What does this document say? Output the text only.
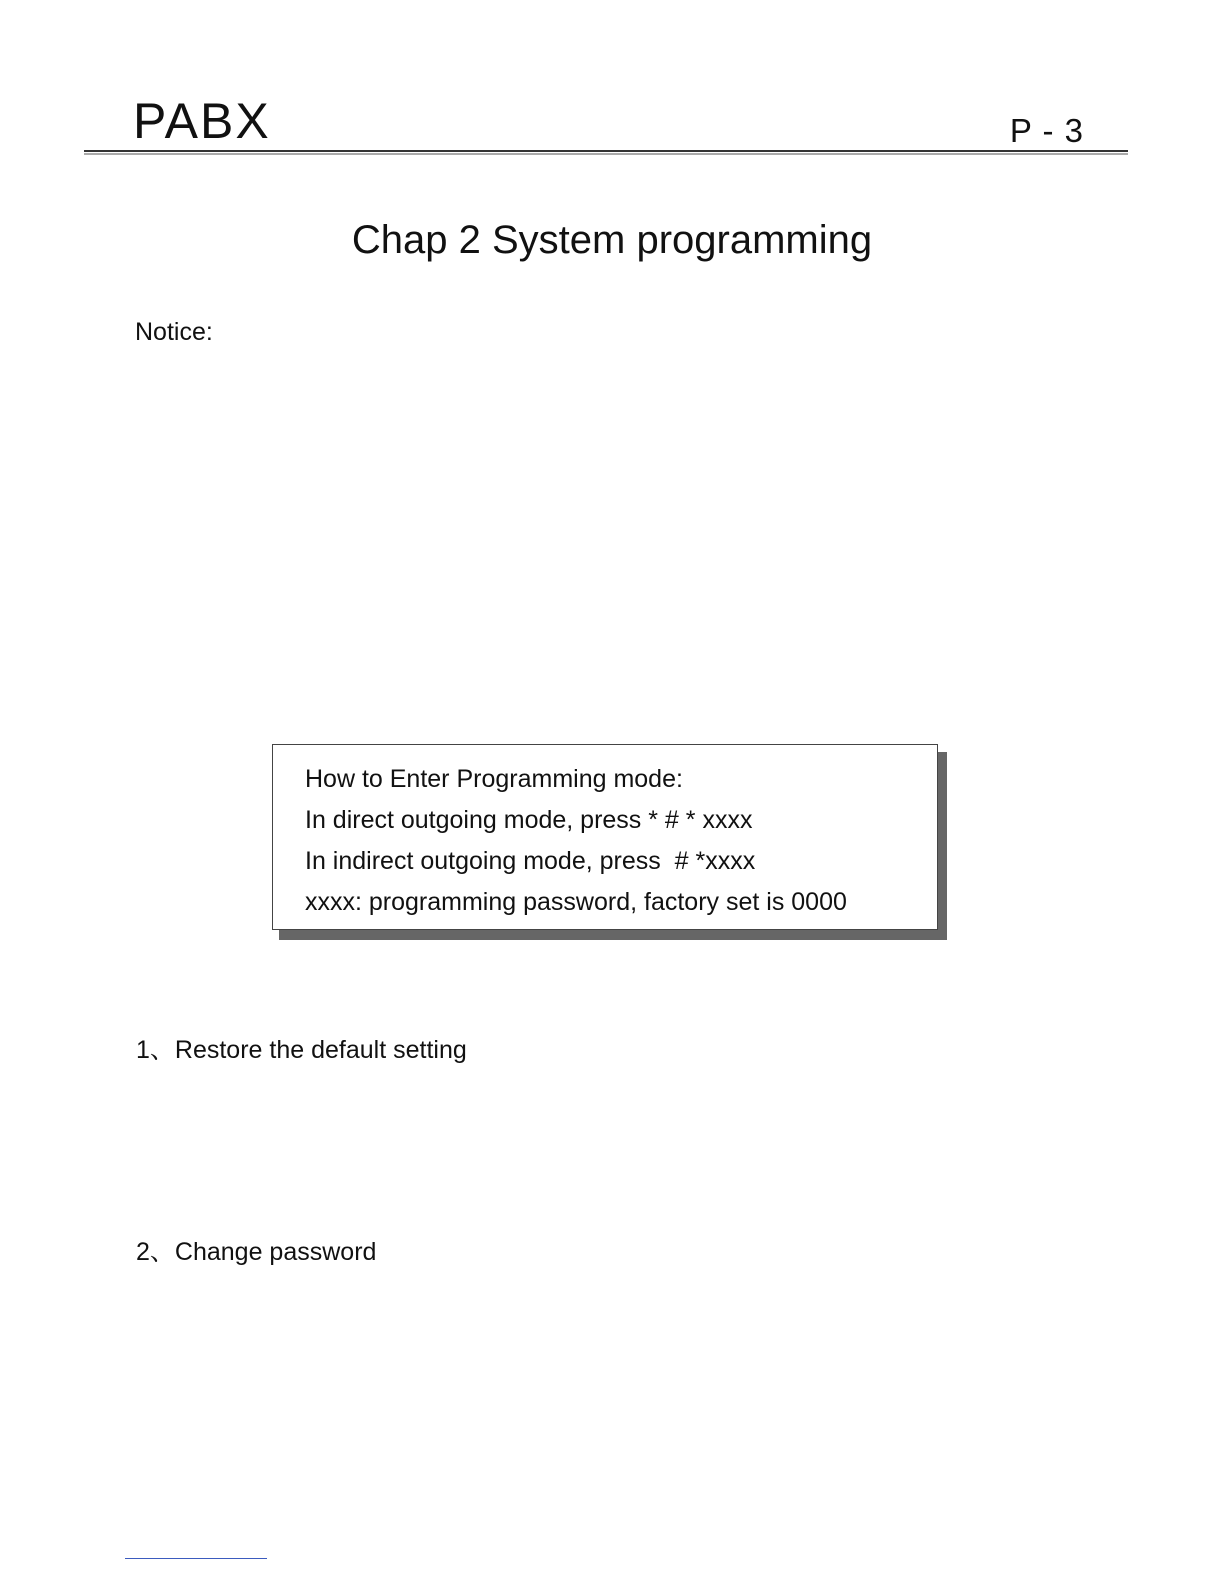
PABX	P - 3
Chap 2 System programming
Notice:
How to Enter Programming mode:
In direct outgoing mode, press * # * xxxx
In indirect outgoing mode, press  # *xxxx
xxxx: programming password, factory set is 0000
1、Restore the default setting
2、Change password
